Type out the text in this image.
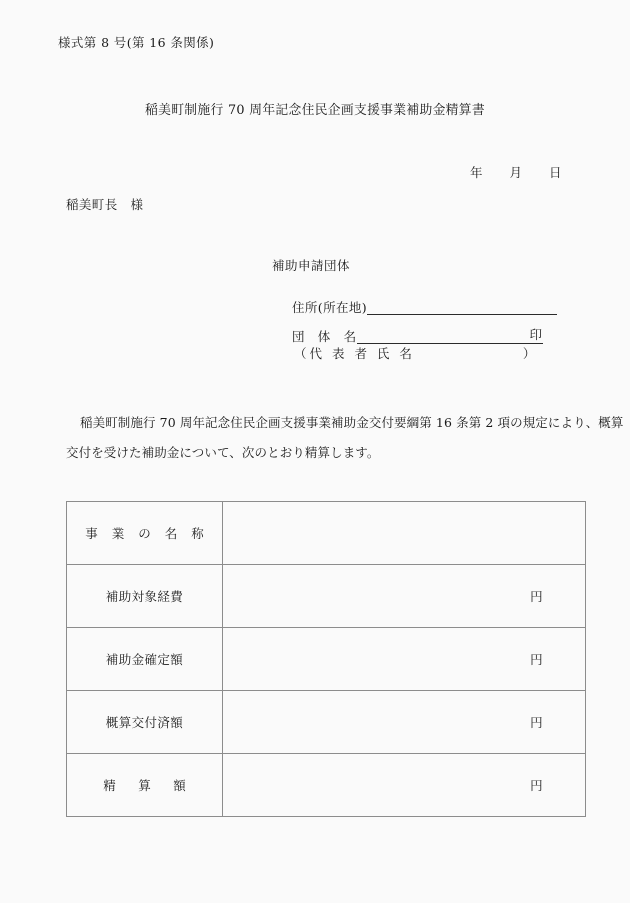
様式第 8 号(第 16 条関係)
稲美町制施行 70 周年記念住民企画支援事業補助金精算書
年 月 日
稲美町長　様
補助申請団体
住所(所在地)
団　体　名	印
（代 表 者 氏 名	）
稲美町制施行 70 周年記念住民企画支援事業補助金交付要綱第 16 条第 2 項の規定により、概算
交付を受けた補助金について、次のとおり精算します。
事 業 の 名 称	
補助対象経費	円
補助金確定額	円
概算交付済額	円
精　算　額	円
